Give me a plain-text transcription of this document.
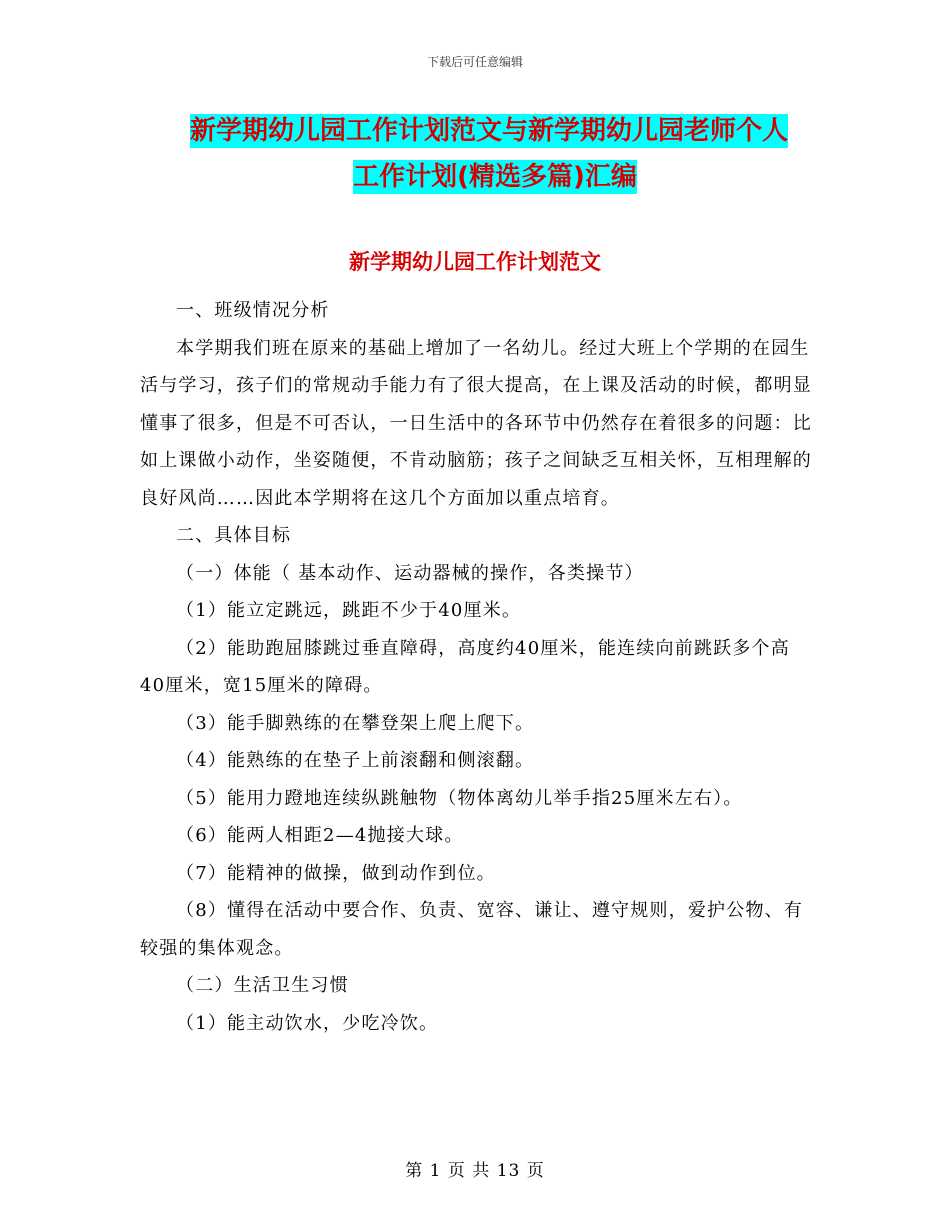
下载后可任意编辑
新学期幼儿园工作计划范文与新学期幼儿园老师个人
工作计划(精选多篇)汇编
新学期幼儿园工作计划范文

一、班级情况分析

本学期我们班在原来的基础上增加了一名幼儿。经过大班上个学期的在园生活与学习，孩子们的常规动手能力有了很大提高，在上课及活动的时候，都明显懂事了很多，但是不可否认，一日生活中的各环节中仍然存在着很多的问题：比如上课做小动作，坐姿随便，不肯动脑筋；孩子之间缺乏互相关怀，互相理解的良好风尚……因此本学期将在这几个方面加以重点培育。

二、具体目标

（一）体能（ 基本动作、运动器械的操作，各类操节）

（1）能立定跳远，跳距不少于40厘米。

（2）能助跑屈膝跳过垂直障碍，高度约40厘米，能连续向前跳跃多个高40厘米，宽15厘米的障碍。

（3）能手脚熟练的在攀登架上爬上爬下。

（4）能熟练的在垫子上前滚翻和侧滚翻。

（5）能用力蹬地连续纵跳触物（物体离幼儿举手指25厘米左右）。

（6）能两人相距2—4抛接大球。

（7）能精神的做操，做到动作到位。

（8）懂得在活动中要合作、负责、宽容、谦让、遵守规则，爱护公物、有较强的集体观念。

（二）生活卫生习惯

（1）能主动饮水，少吃冷饮。

第 1 页 共 13 页
